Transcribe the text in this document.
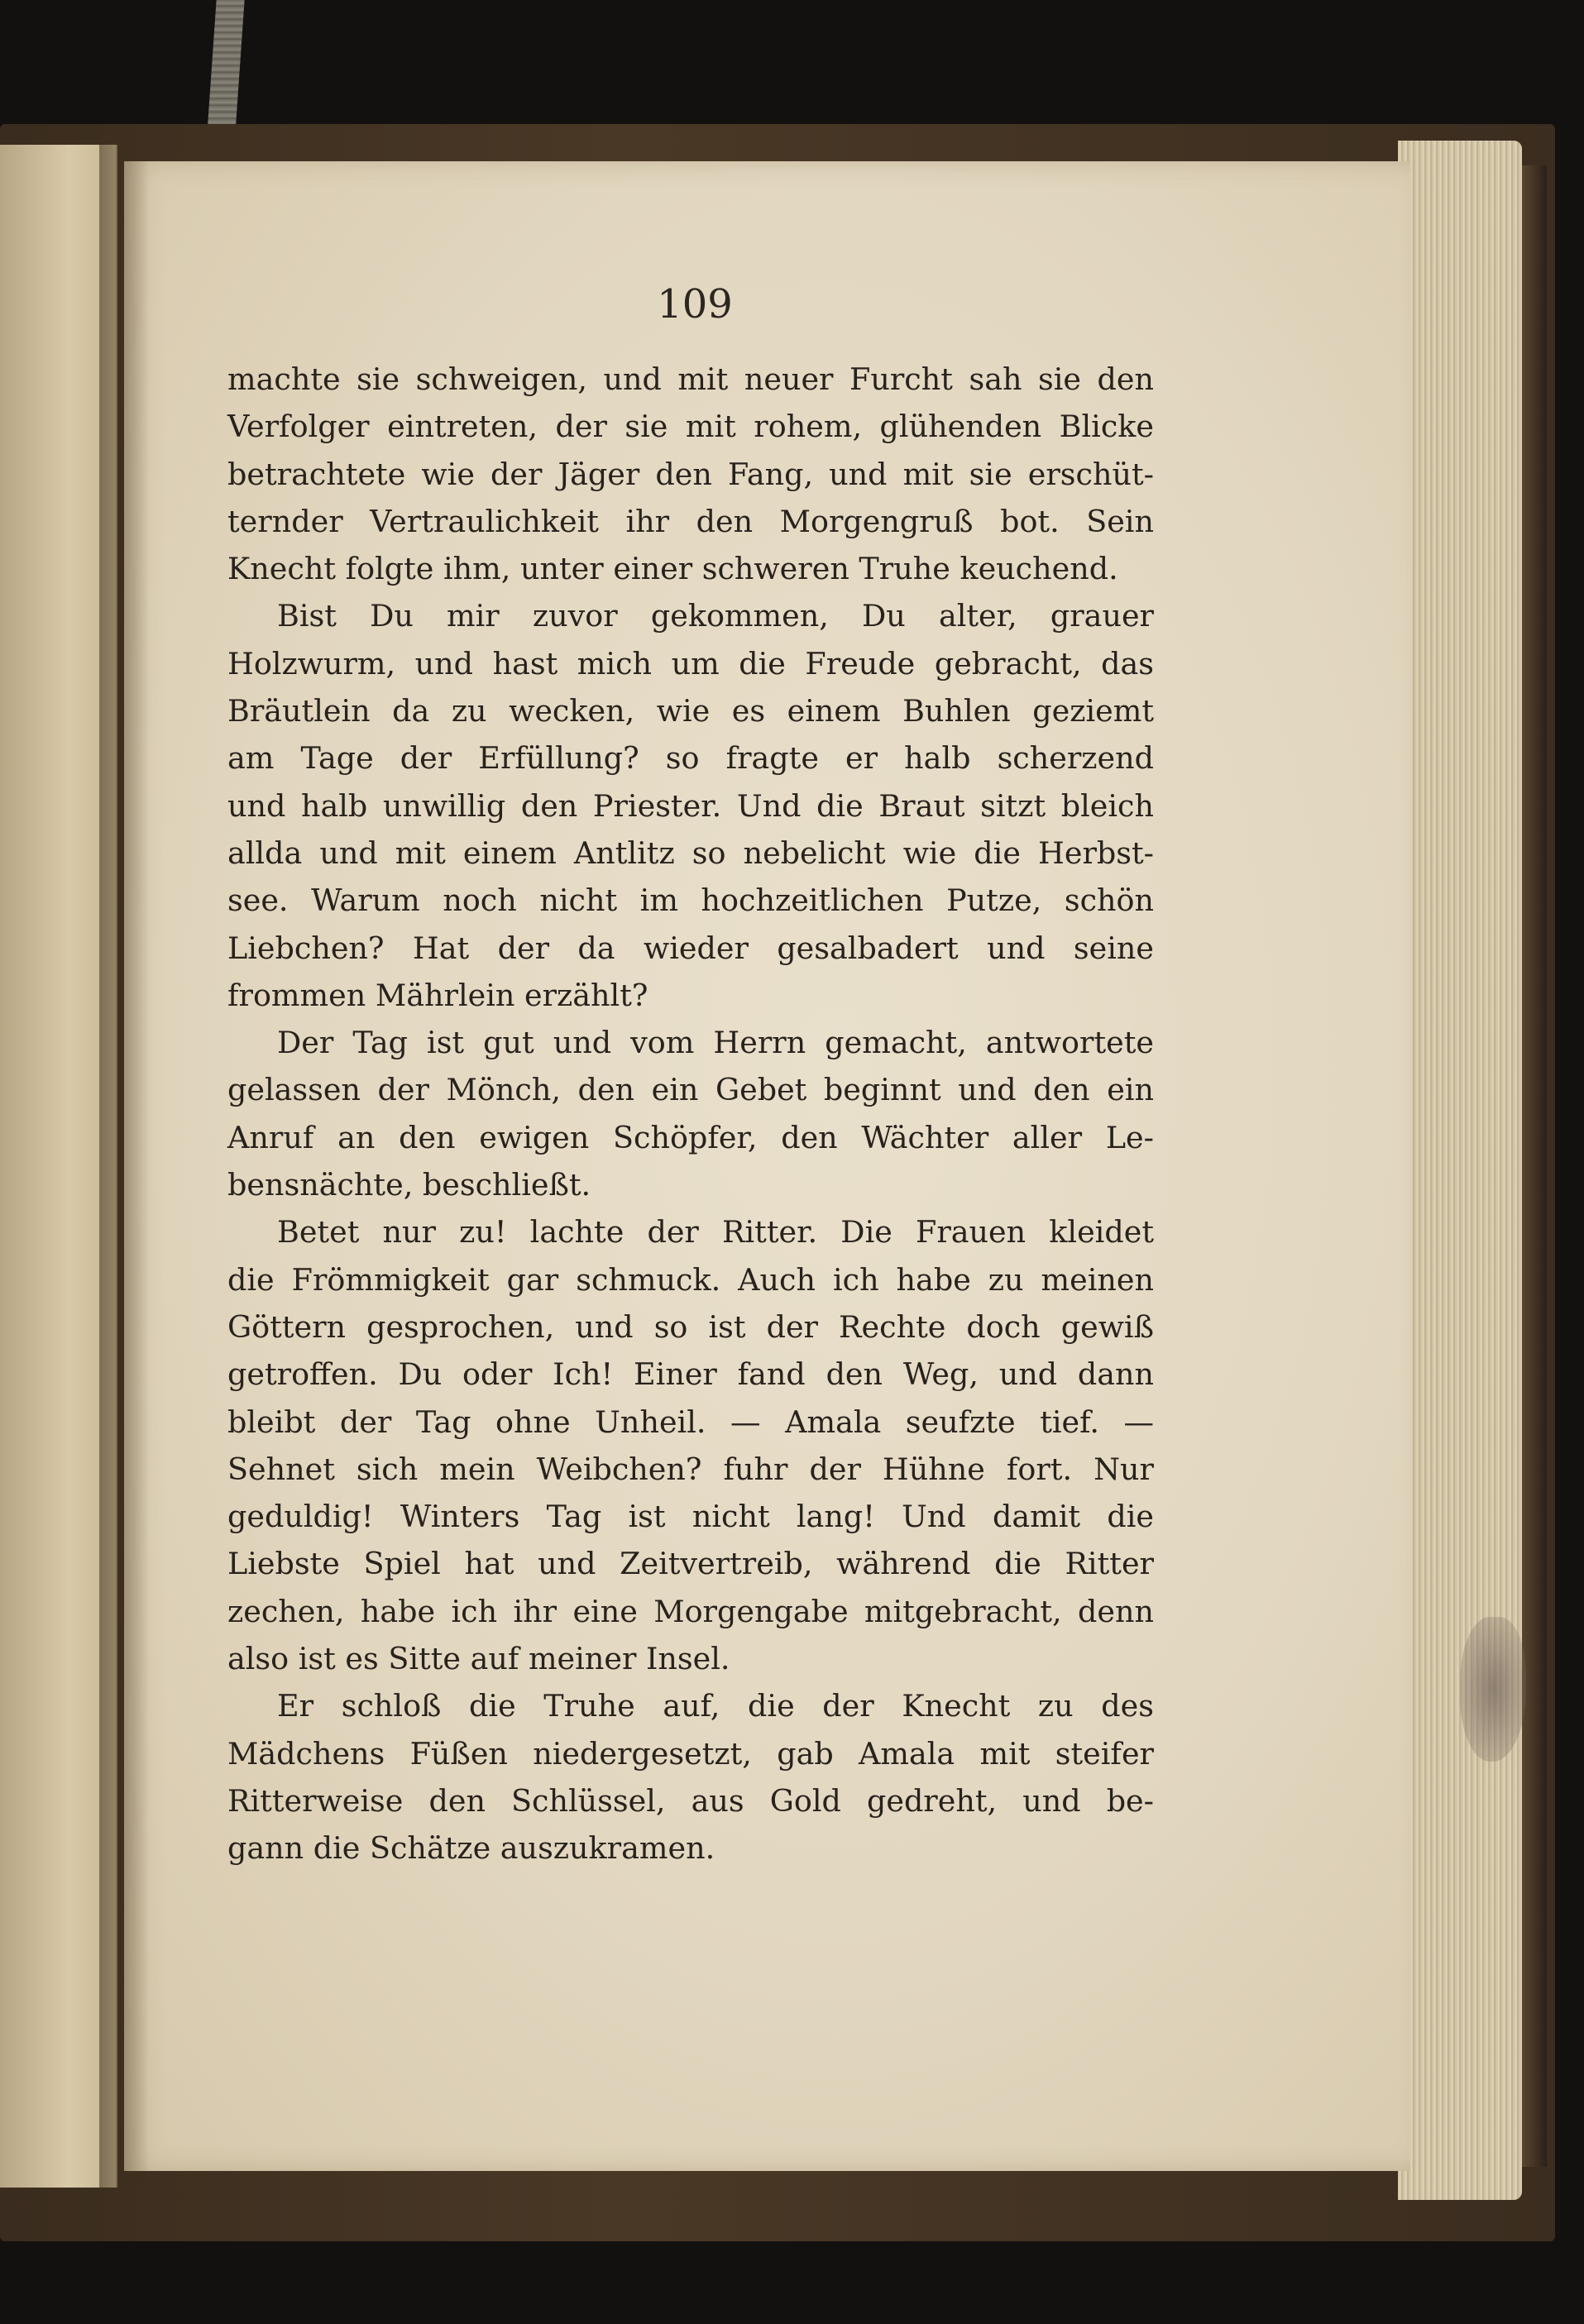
109
machte sie schweigen, und mit neuer Furcht sah sie den
Verfolger eintreten, der sie mit rohem, glühenden Blicke
betrachtete wie der Jäger den Fang, und mit sie erschüt-
ternder Vertraulichkeit ihr den Morgengruß bot. Sein
Knecht folgte ihm, unter einer schweren Truhe keuchend.
Bist Du mir zuvor gekommen, Du alter, grauer
Holzwurm, und hast mich um die Freude gebracht, das
Bräutlein da zu wecken, wie es einem Buhlen geziemt
am Tage der Erfüllung? so fragte er halb scherzend
und halb unwillig den Priester. Und die Braut sitzt bleich
allda und mit einem Antlitz so nebelicht wie die Herbst-
see. Warum noch nicht im hochzeitlichen Putze, schön
Liebchen? Hat der da wieder gesalbadert und seine
frommen Mährlein erzählt?
Der Tag ist gut und vom Herrn gemacht, antwortete
gelassen der Mönch, den ein Gebet beginnt und den ein
Anruf an den ewigen Schöpfer, den Wächter aller Le-
bensnächte, beschließt.
Betet nur zu! lachte der Ritter. Die Frauen kleidet
die Frömmigkeit gar schmuck. Auch ich habe zu meinen
Göttern gesprochen, und so ist der Rechte doch gewiß
getroffen. Du oder Ich! Einer fand den Weg, und dann
bleibt der Tag ohne Unheil. — Amala seufzte tief. —
Sehnet sich mein Weibchen? fuhr der Hühne fort. Nur
geduldig! Winters Tag ist nicht lang! Und damit die
Liebste Spiel hat und Zeitvertreib, während die Ritter
zechen, habe ich ihr eine Morgengabe mitgebracht, denn
also ist es Sitte auf meiner Insel.
Er schloß die Truhe auf, die der Knecht zu des
Mädchens Füßen niedergesetzt, gab Amala mit steifer
Ritterweise den Schlüssel, aus Gold gedreht, und be-
gann die Schätze auszukramen.
